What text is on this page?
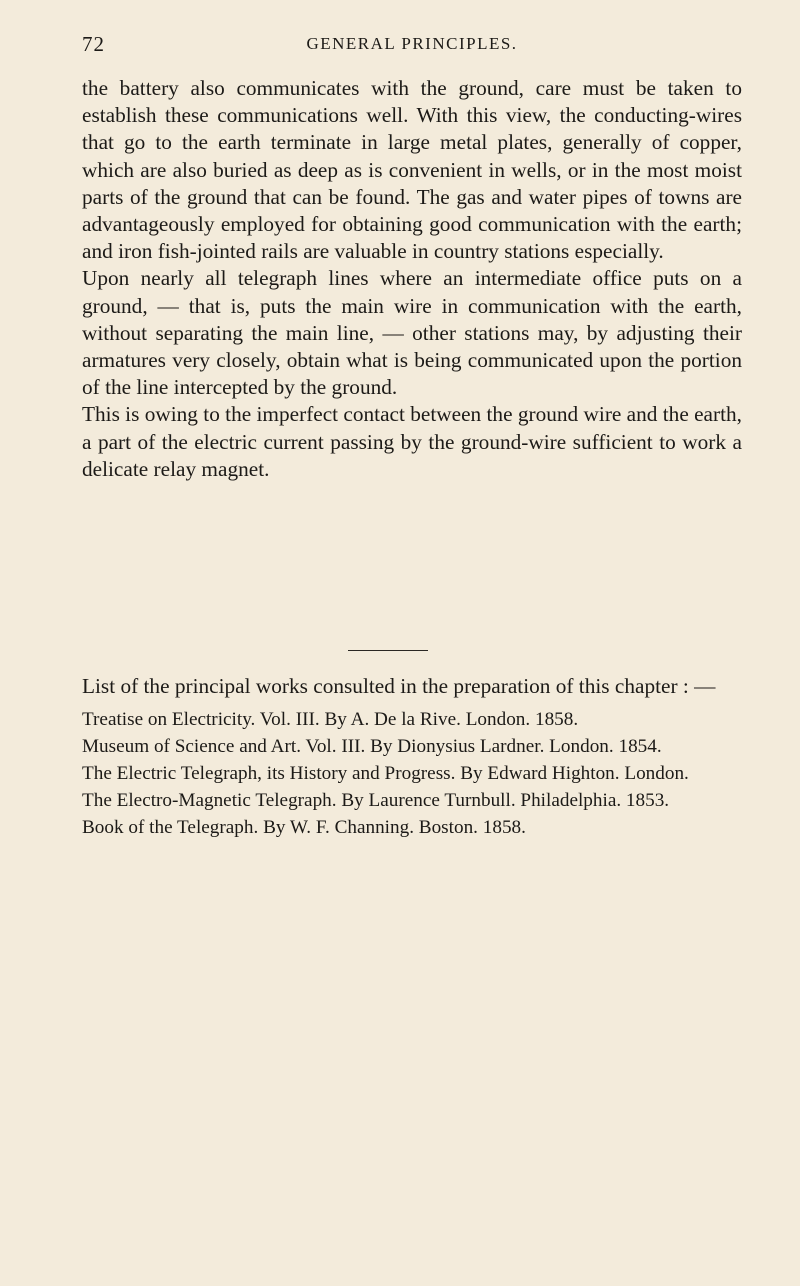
72	GENERAL PRINCIPLES.

the battery also communicates with the ground, care must be taken to establish these communications well. With this view, the conducting-wires that go to the earth terminate in large metal plates, generally of copper, which are also buried as deep as is convenient in wells, or in the most moist parts of the ground that can be found. The gas and water pipes of towns are advantageously employed for obtaining good communication with the earth; and iron fish-jointed rails are valuable in country stations especially.

Upon nearly all telegraph lines where an intermediate office puts on a ground, — that is, puts the main wire in communication with the earth, without separating the main line, — other stations may, by adjusting their armatures very closely, obtain what is being communicated upon the portion of the line intercepted by the ground.

This is owing to the imperfect contact between the ground wire and the earth, a part of the electric current passing by the ground-wire sufficient to work a delicate relay magnet.

List of the principal works consulted in the preparation of this chapter : —

Treatise on Electricity. Vol. III. By A. De la Rive. London. 1858.

Museum of Science and Art. Vol. III. By Dionysius Lardner. London. 1854.

The Electric Telegraph, its History and Progress. By Edward Highton. London.

The Electro-Magnetic Telegraph. By Laurence Turnbull. Philadelphia. 1853.

Book of the Telegraph. By W. F. Channing. Boston. 1858.
